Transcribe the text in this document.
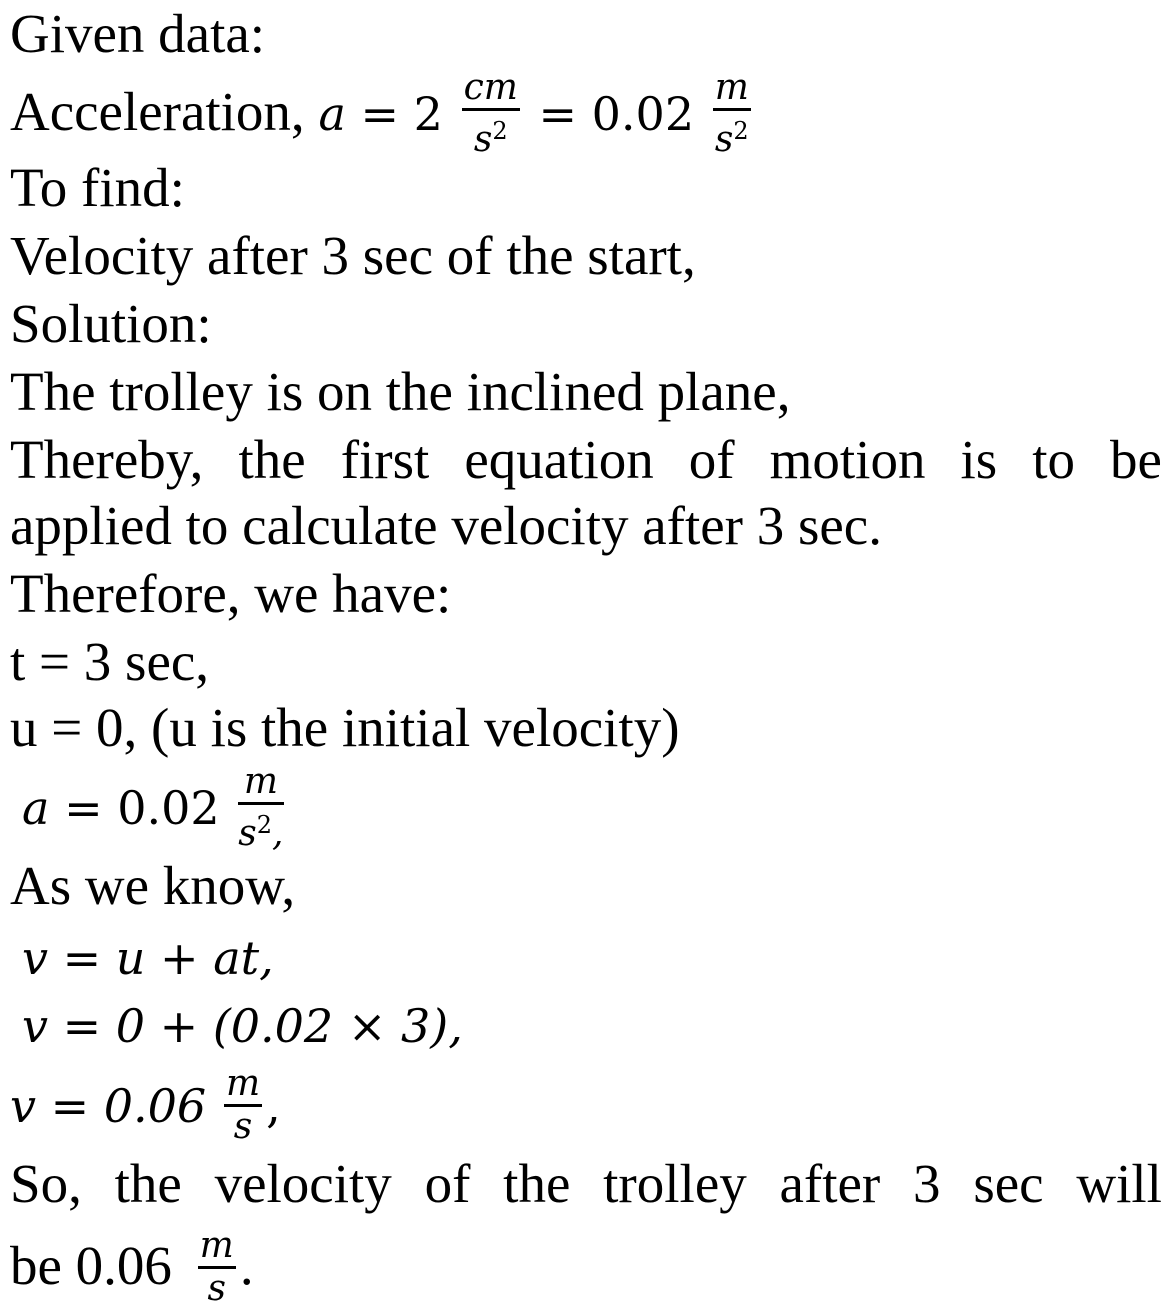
Given data:
Acceleration, $a = 2 \frac{cm}{s^2} = 0.02 \frac{m}{s^2}$
To find:
Velocity after 3 sec of the start,
Solution:
The trolley is on the inclined plane,
Thereby, the first equation of motion is to be
applied to calculate velocity after 3 sec.
Therefore, we have:
t = 3 sec,
u = 0, (u is the initial velocity)
$a = 0.02 \frac{m}{s^2,}$
As we know,
v = u + at,
v = 0 + (0.02 × 3),
$v = 0.06 \frac{m}{s}$ ,
So, the velocity of the trolley after 3 sec will
be $0.06 \frac{m}{s}$ .
